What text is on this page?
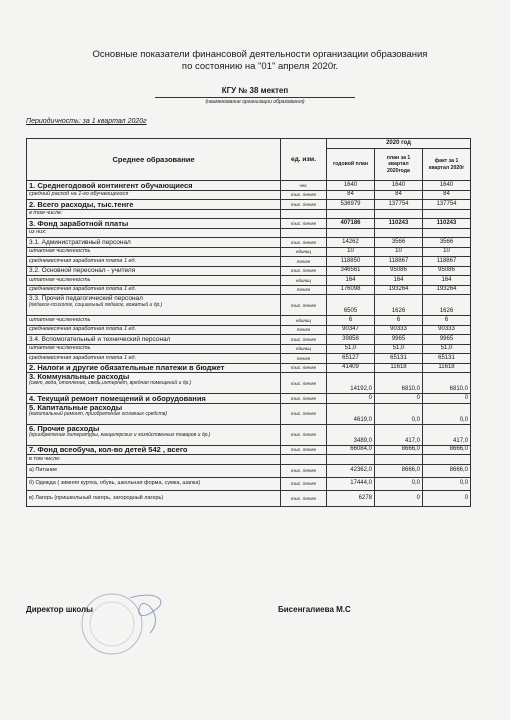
Основные показатели финансовой деятельности организации образования
по состоянию на "01" апреля 2020г.
КГУ № 38 мектеп
(наименование организации образования)
Периодичность: за 1 квартал 2020г
Среднее образование	ед. изм.	2020 год		
		годовой план	план за 1 квартал 2020года	факт за 1 квартал 2020г
1. Среднегодовой контингент обучающиеся	чел.	1640	1640	1640
средний расход на 1-го обучающегося	тыс. тенге	84	84	84
2. Всего расходы, тыс.тенге	тыс. тенге	536979	137754	137754
в том числе:				
3. Фонд заработной платы	тыс. тенге	407186	110243	110243
из них:				
3.1. Административный персонал	тыс. тенге	14262	3566	3566
штатная численность	единиц	10	10	10
среднемесячная заработная плата 1 ед.	тенге	118850	118867	118867
3.2. Основной пересонал - учителя	тыс. тенге	346561	95086	95086
штатная численность	единиц	164	164	164
среднемесячная заработная плата 1 ед.	тенге	176098	193264	193264
3.3. Прочий педагогический персонал
(педагог-психолог, социальный педагог, вожатый и др.)	тыс. тенге	6505	1626	1626
штатная численность	единиц	6	6	6
среднемесячная заработная плата 1 ед.	тенге	90347	90333	90333
3.4. Вспомогательный и технический персонал	тыс. тенге	39858	9965	9965
штатная численность	единиц	51,0	51,0	51,0
среднемесячная заработная плата 1 ед.	тенге	65127	65131	65131
2. Налоги и другие обязательные платежи в бюджет	тыс. тенге	41409	11618	11618
3. Коммунальные расходы
(свет, вода, отопление, связь,интернет, вредная помещений и др.)	тыс. тенге	14192,0	6810,0	6810,0
4. Текущий ремонт помещений и оборудования	тыс. тенге	0	0	0
5. Капитальные расходы
(капитальный ремонт, приобретение основных средств)	тыс. тенге	4619,0	0,0	0,0
6. Прочие расходы
(приобретение литературы, канцелярских и хозяйственных товаров и др.)	тыс. тенге	3489,0	417,0	417,0
7. Фонд всеобуча, кол-во детей 542 , всего	тыс. тенге	66084,0	8666,0	8666,0
в том числе:				
а) Питание	тыс. тенге	42362,0	8666,0	8666,0
б) Одежда ( зимняя куртка, обувь, школьная форма, сумка, шапка)	тыс. тенге	17444,0	0,0	0,0
в) Лагерь (пришкольный лагерь, загородный лагерь)	тыс. тенге	6278	0	0
Директор школы	Бисенгалиева М.С
